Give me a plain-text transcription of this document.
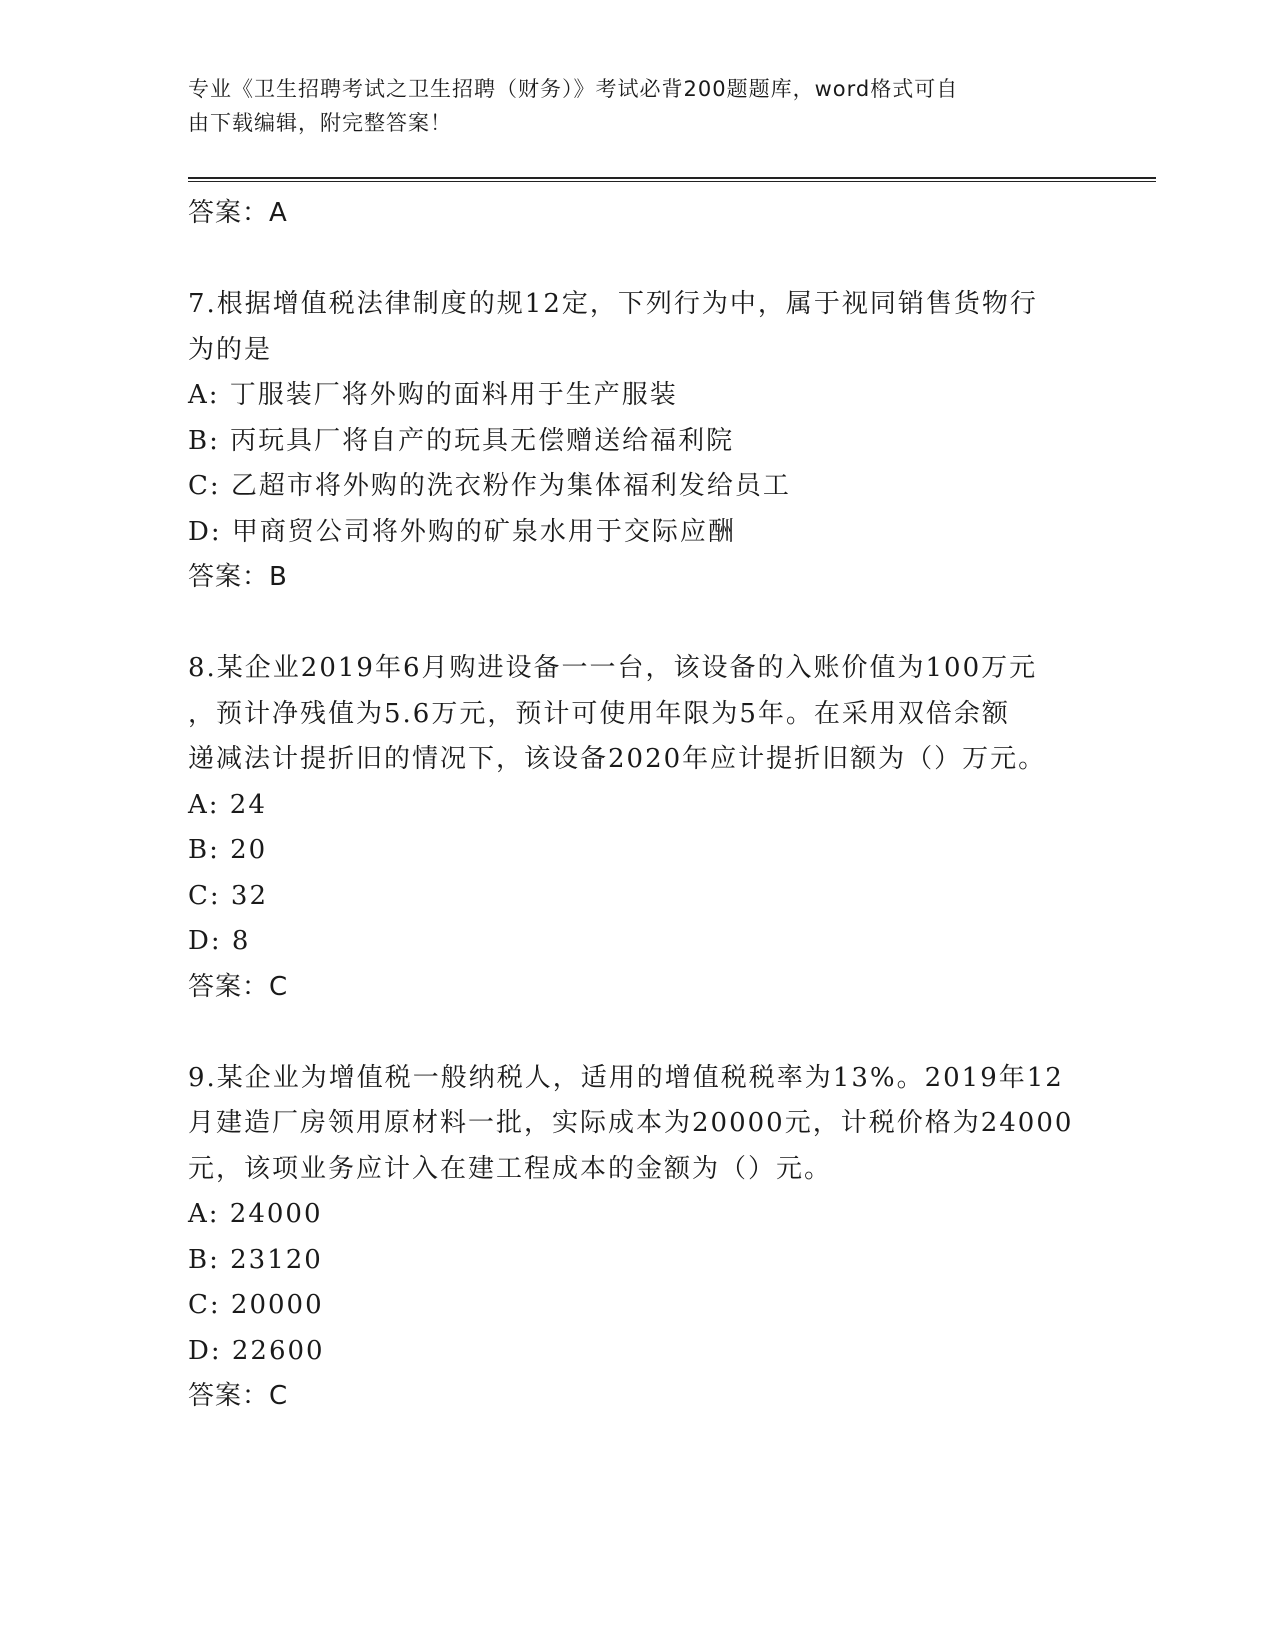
专业《卫生招聘考试之卫生招聘（财务）》考试必背200题题库，word格式可自
由下载编辑，附完整答案！
答案：A
7.根据增值税法律制度的规12定，下列行为中，属于视同销售货物行
为的是
A: 丁服装厂将外购的面料用于生产服装
B: 丙玩具厂将自产的玩具无偿赠送给福利院
C: 乙超市将外购的洗衣粉作为集体福利发给员工
D: 甲商贸公司将外购的矿泉水用于交际应酬
答案：B
8.某企业2019年6月购进设备一一台，该设备的入账价值为100万元
，预计净残值为5.6万元，预计可使用年限为5年。在采用双倍余额
递减法计提折旧的情况下，该设备2020年应计提折旧额为（）万元。
A: 24
B: 20
C: 32
D: 8
答案：C
9.某企业为增值税一般纳税人，适用的增值税税率为13%。2019年12
月建造厂房领用原材料一批，实际成本为20000元，计税价格为24000
元，该项业务应计入在建工程成本的金额为（）元。
A: 24000
B: 23120
C: 20000
D: 22600
答案：C
